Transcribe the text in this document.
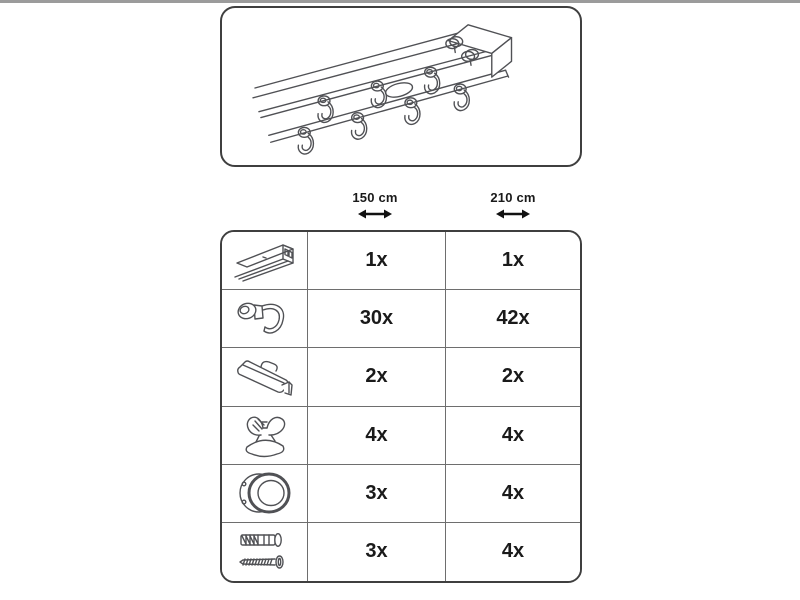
150 cm	210 cm
1x	1x
30x	42x
2x	2x
4x	4x
3x	4x
3x	4x
